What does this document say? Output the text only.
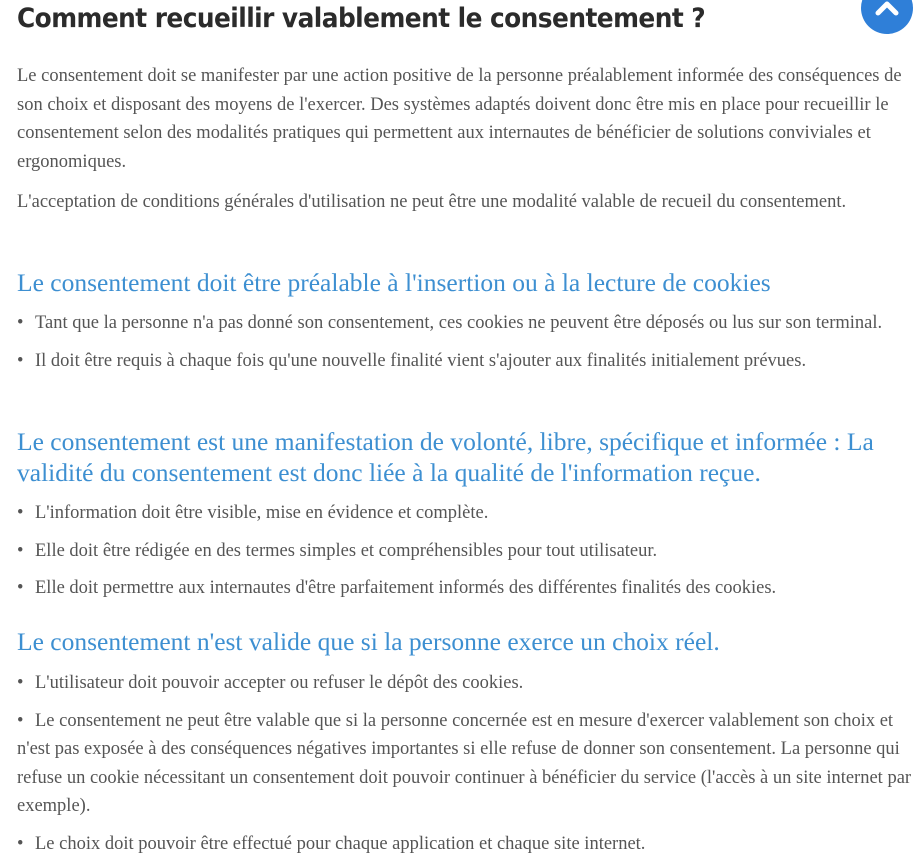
Comment recueillir valablement le consentement ?

Le consentement doit se manifester par une action positive de la personne préalablement informée des conséquences de son choix et disposant des moyens de l'exercer. Des systèmes adaptés doivent donc être mis en place pour recueillir le consentement selon des modalités pratiques qui permettent aux internautes de bénéficier de solutions conviviales et ergonomiques.

L'acceptation de conditions générales d'utilisation ne peut être une modalité valable de recueil du consentement.

Le consentement doit être préalable à l'insertion ou à la lecture de cookies
• Tant que la personne n'a pas donné son consentement, ces cookies ne peuvent être déposés ou lus sur son terminal.
• Il doit être requis à chaque fois qu'une nouvelle finalité vient s'ajouter aux finalités initialement prévues.
Le consentement est une manifestation de volonté, libre, spécifique et informée : La validité du consentement est donc liée à la qualité de l'information reçue.
• L'information doit être visible, mise en évidence et complète.
• Elle doit être rédigée en des termes simples et compréhensibles pour tout utilisateur.
• Elle doit permettre aux internautes d'être parfaitement informés des différentes finalités des cookies.
Le consentement n'est valide que si la personne exerce un choix réel.
• L'utilisateur doit pouvoir accepter ou refuser le dépôt des cookies.
• Le consentement ne peut être valable que si la personne concernée est en mesure d'exercer valablement son choix et n'est pas exposée à des conséquences négatives importantes si elle refuse de donner son consentement. La personne qui refuse un cookie nécessitant un consentement doit pouvoir continuer à bénéficier du service (l'accès à un site internet par exemple).
• Le choix doit pouvoir être effectué pour chaque application et chaque site internet.
